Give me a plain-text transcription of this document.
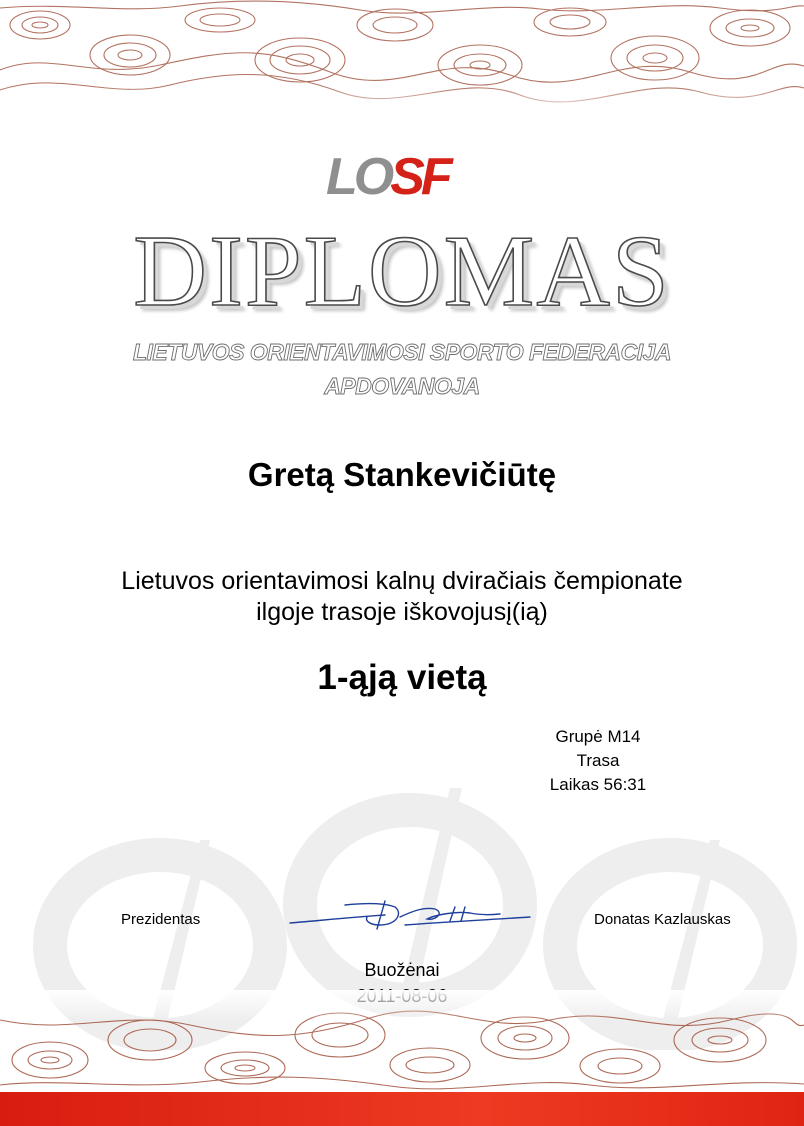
LOSF
DIPLOMAS
LIETUVOS ORIENTAVIMOSI SPORTO FEDERACIJA
APDOVANOJA
Gretą Stankevičiūtę
Lietuvos orientavimosi kalnų dviračiais čempionate
ilgoje trasoje iškovojusį(ią)
1-ąją vietą
Grupė M14
Trasa
Laikas 56:31
Prezidentas	Donatas Kazlauskas
Buožėnai
